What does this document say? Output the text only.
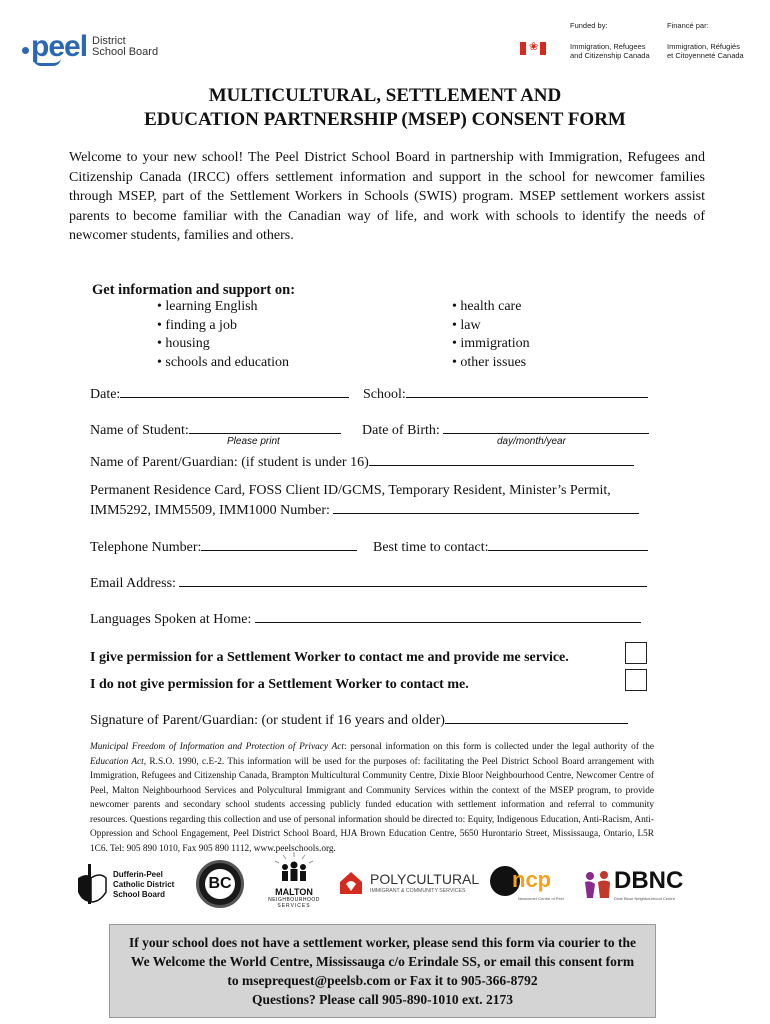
peel District
School Board
Funded by:	Financé par:
❀
Immigration, Refugees
and Citizenship Canada
Immigration, Réfugiés
et Citoyenneté Canada
MULTICULTURAL, SETTLEMENT AND
EDUCATION PARTNERSHIP (MSEP) CONSENT FORM
Welcome to your new school! The Peel District School Board in partnership with Immigration, Refugees and Citizenship Canada (IRCC) offers settlement information and support in the school for newcomer families through MSEP, part of the Settlement Workers in Schools (SWIS) program. MSEP settlement workers assist parents to become familiar with the Canadian way of life, and work with schools to identify the needs of newcomer students, families and others.
Get information and support on:
• learning English
• finding a job
• housing
• schools and education
• health care
• law
• immigration
• other issues
Date:	School:
Name of Student:
Please print
Date of Birth:
day/month/year
Name of Parent/Guardian: (if student is under 16)
Permanent Residence Card, FOSS Client ID/GCMS, Temporary Resident, Minister’s Permit,
IMM5292, IMM5509, IMM1000 Number:
Telephone Number:	Best time to contact:
Email Address:
Languages Spoken at Home:
I give permission for a Settlement Worker to contact me and provide me service.
I do not give permission for a Settlement Worker to contact me.
Signature of Parent/Guardian: (or student if 16 years and older)
Municipal Freedom of Information and Protection of Privacy Act: personal information on this form is collected under the legal authority of the Education Act, R.S.O. 1990, c.E-2. This information will be used for the purposes of: facilitating the Peel District School Board arrangement with Immigration, Refugees and Citizenship Canada, Brampton Multicultural Community Centre, Dixie Bloor Neighbourhood Centre, Newcomer Centre of Peel, Malton Neighbourhood Services and Polycultural Immigrant and Community Services within the context of the MSEP program, to provide newcomer parents and secondary school students accessing publicly funded education with settlement information and referral to community resources. Questions regarding this collection and use of personal information should be directed to: Equity, Indigenous Education, Anti-Racism, Anti-Oppression and School Engagement, Peel District School Board, HJA Brown Education Centre, 5650 Hurontario Street, Mississauga, Ontario, L5R 1C6. Tel: 905 890 1010, Fax 905 890 1112, www.peelschools.org.
Dufferin-Peel
Catholic District
School Board
BC	MALTON
NEIGHBOURHOOD
SERVICES
POLYCULTURAL
IMMIGRANT & COMMUNITY SERVICES ncp
Newcomer Centre of Peel
DBNC
Dixie Bloor Neighbourhood Centre
If your school does not have a settlement worker, please send this form via courier to the
We Welcome the World Centre, Mississauga c/o Erindale SS, or email this consent form
to mseprequest@peelsb.com or Fax it to 905-366-8792
Questions? Please call 905-890-1010 ext. 2173
